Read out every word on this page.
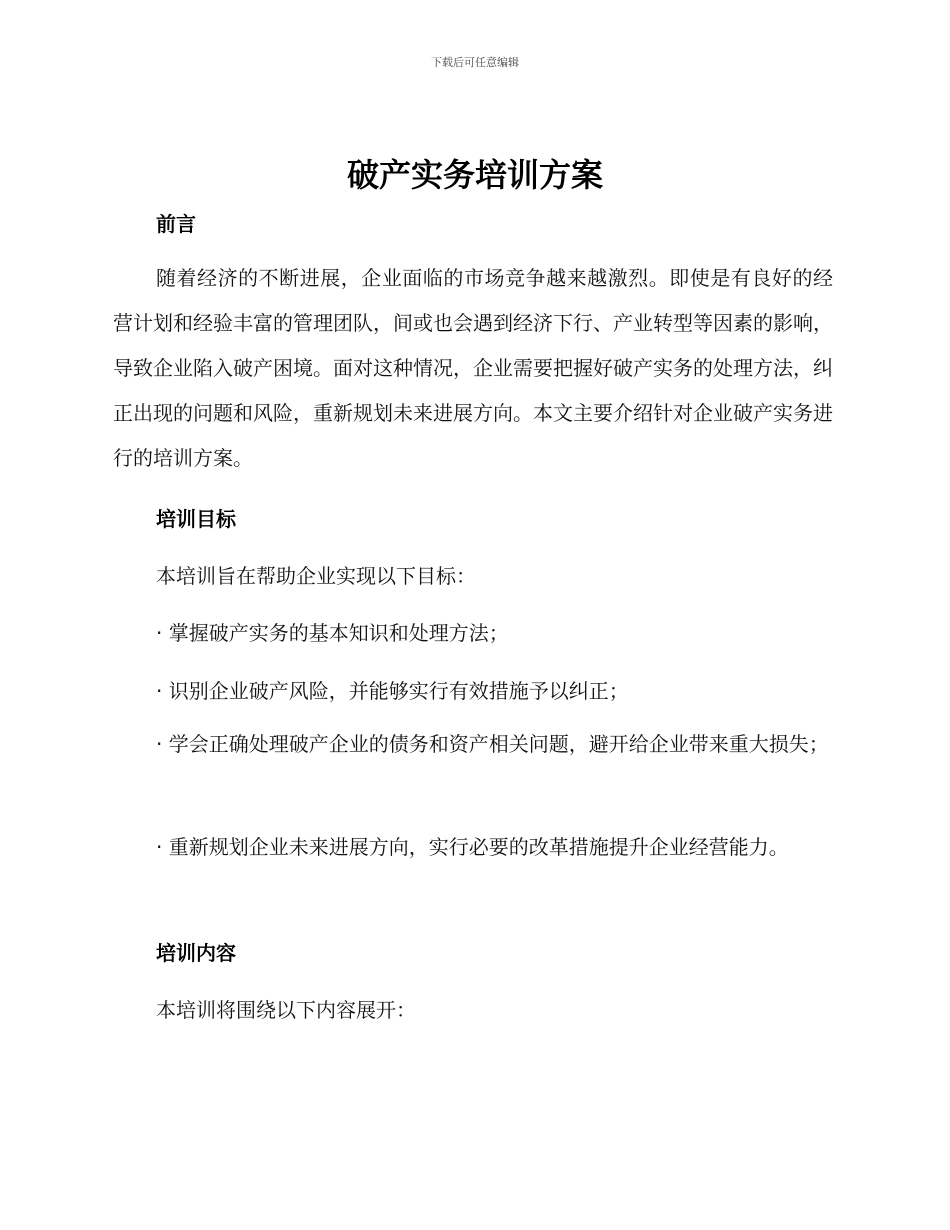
下载后可任意编辑
破产实务培训方案
前言
随着经济的不断进展，企业面临的市场竞争越来越激烈。即使是有良好的经营计划和经验丰富的管理团队，间或也会遇到经济下行、产业转型等因素的影响，导致企业陷入破产困境。面对这种情况，企业需要把握好破产实务的处理方法，纠正出现的问题和风险，重新规划未来进展方向。本文主要介绍针对企业破产实务进行的培训方案。
培训目标
本培训旨在帮助企业实现以下目标：
· 掌握破产实务的基本知识和处理方法；
· 识别企业破产风险，并能够实行有效措施予以纠正；
· 学会正确处理破产企业的债务和资产相关问题，避开给企业带来重大损失；
· 重新规划企业未来进展方向，实行必要的改革措施提升企业经营能力。
培训内容
本培训将围绕以下内容展开：
